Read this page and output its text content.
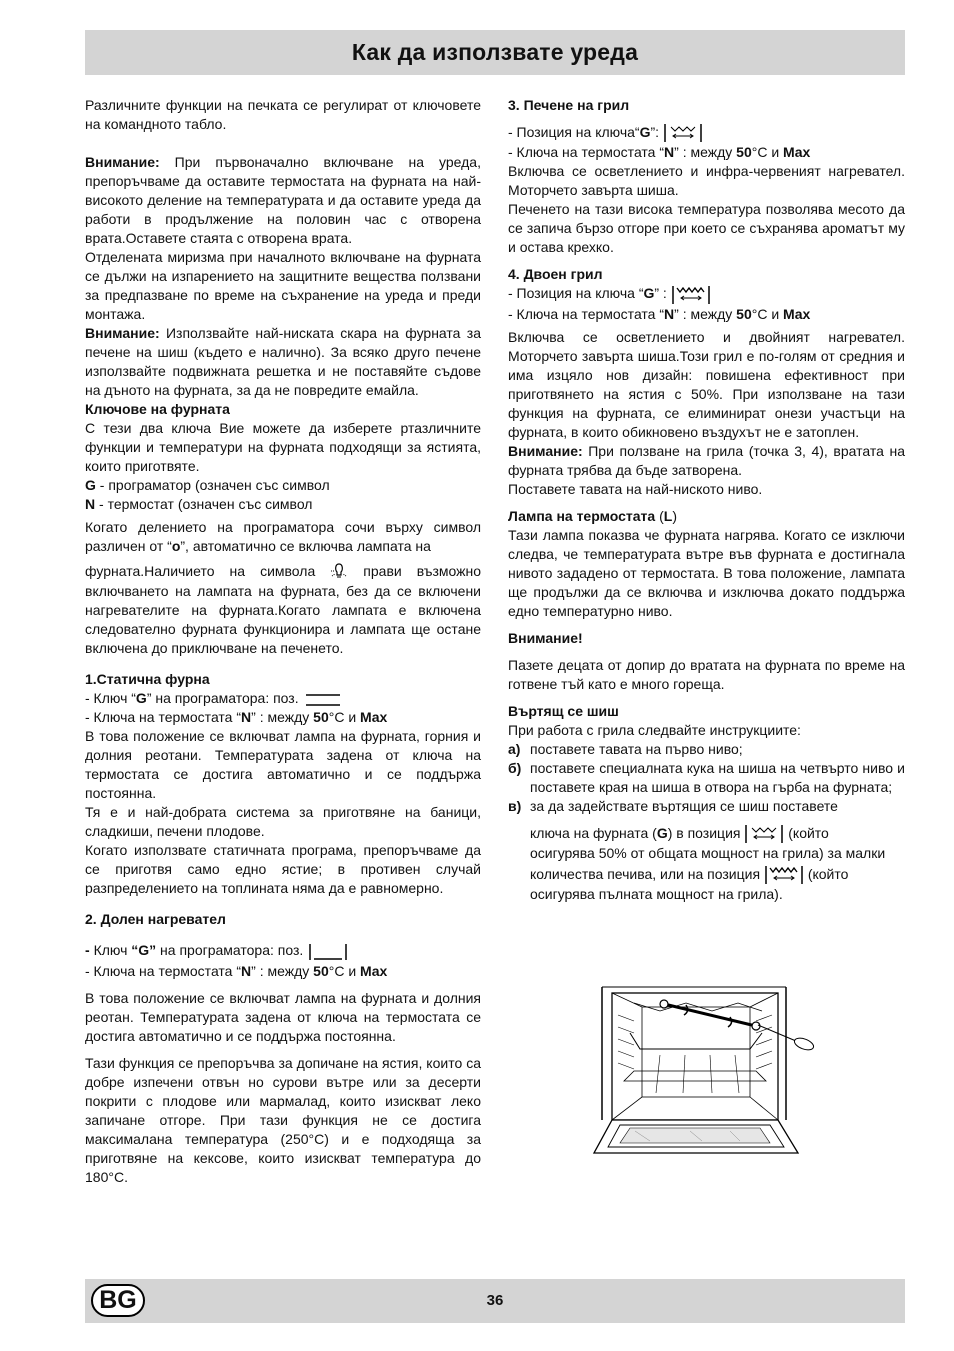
Как да използвате уреда

Различните функции на печката се регулират от ключовете на командното табло.

Внимание: При първоначално включване на уреда, препоръчваме да оставите термостата на фурната на най-високото деление на температурата и да оставите уреда да работи в продължение на половин час с отворена врата.Оставете стаята с отворена врата.

Отделената миризма при началното включване на фурната се дължи на изпарението на защитните вещества ползвани за предпазване по време на съхранение на уреда и преди монтажа.

Внимание: Използвайте най-ниската скара на фурната за печене на шиш (където е налично). За всяко друго печене използвайте подвижната решетка и не поставяйте съдове на дъното на фурната, за да не повредите емайла.

Ключове на фурната

С тези два ключа Вие можете да изберете ртазличните функции и температури на фурната подходящи за ястията, които приготвяте.

G - програматор (означен със символ

N - термостат (означен със символ

Когато делението на програматора сочи върху символ различен от “о”, автоматично се включва лампата на

фурната.Наличието на символа  прави възможно включването на лампата на фурната, без да се включени нагревателите на фурната.Когато лампата е включена следователно фурната функционира и лампата ще остане включена до приключване на печенето.

1.Статична фурна

- Ключ “G” на програматора: поз.

- Ключа на термостата “N” : между 50°C и Max

В това положение се включват лампа на фурната, горния и долния реотани. Температурата задена от ключа на термостата се достига автоматично и се поддържа постоянна.

Тя е и най-добрата система за приготвяне на баници, сладкиши, печени плодове.

Когато използвате статичната програма, препоръчваме да се приготвя само едно ястие; в противен случай разпределението на топлината няма да е равномерно.

2. Долен нагревател

- Ключ “G” на програматора: поз.

- Ключа на термостата “N” : между 50°C и Max

В това положение се включват лампа на фурната и долния реотан. Температурата задена от ключа на термостата се достига автоматично и се поддържа постоянна.

Тази функция се препоръчва за допичане на ястия, които са добре изпечени отвън но сурови вътре или за десерти покрити с плодове или мармалад, които изискват леко запичане отгоре. При тази функция не се достига максималана температура (250°C) и е подходяща за приготвяне на кексове, които изискват температура до 180°C.

3. Печене на грил

- Позиция на ключа“G”:

- Ключа на термостата “N” : между 50°C и Max

Включва се осветлението и инфра-червеният нагревател. Моторчето завърта шиша.

Печенето на тази висока температура позволява месото да се запича бързо отгоре при което се съхранява ароматът му и остава крехко.

4. Двоен грил

- Позиция на ключа “G” :

- Ключа на термостата “N” : между 50°C и Max

Включва се осветлението и двойният нагревател. Моторчето завърта шиша.Този грил е по-голям от средния и има изцяло нов дизайн: повишена ефективност при приготвянето на ястия с 50%. При използване на тази функция на фурната, се елиминират онези участъци на фурната, в които обикновено въздухът не е затоплен.

Внимание: При ползване на грила (точка 3, 4), вратата на фурната трябва да бъде затворена.

Поставете тавата на най-ниското ниво.

Лампа на термостата (L)

Тази лампа показва че фурната нагрява. Когато се изключи следва, че температурата вътре във фурната е достигнала нивото зададено от термостата. В това положение, лампата ще продължи да се включва и изключва докато поддържа едно температурно ниво.

Внимание!

Пазете децата от допир до вратата на фурната по време на готвене тъй като е много гореща.

Въртящ се шиш

При работа с грила следвайте инструкциите:

а) поставете тавата на първо ниво;
б) поставете специалната кука на шиша на четвърто ниво и поставете края на шиша в отвора на гърба на фурната;
в) за да задействате въртящия се шиш поставете
ключа на фурната (G) в позиция	(който
осигурява 50% от общата мощност на грила) за малки
количества печива, или на позиция	(който
осигурява пълната мощност на грила).
BG	36
